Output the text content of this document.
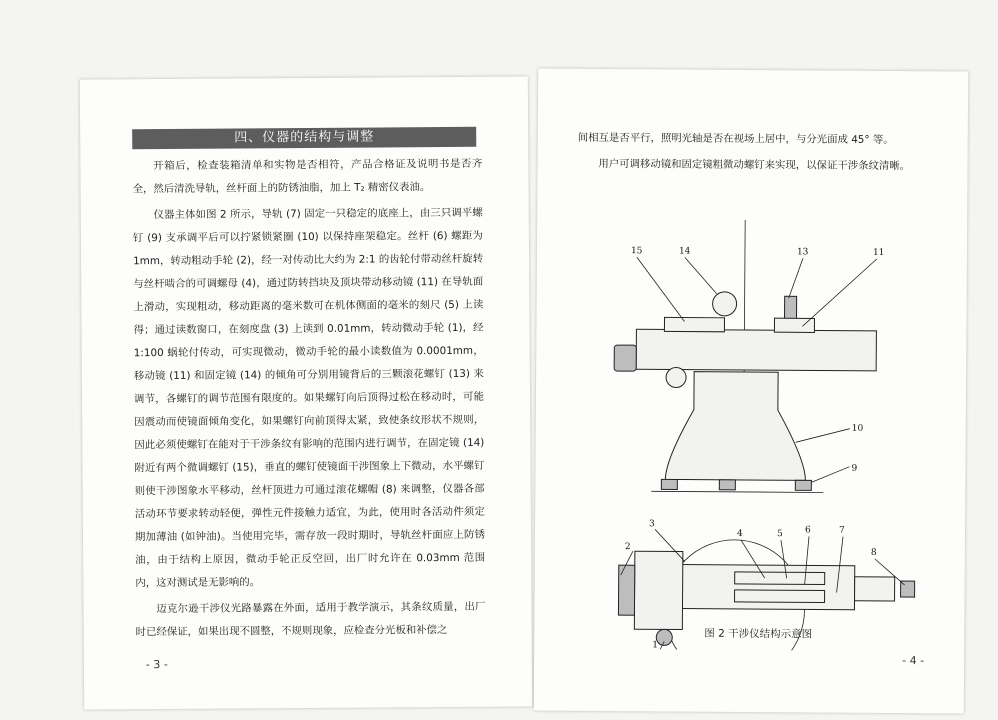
四、仪器的结构与调整

开箱后，检查装箱清单和实物是否相符，产品合格证及说明书是否齐全，然后清洗导轨，丝杆面上的防锈油脂，加上 T₂ 精密仪表油。

仪器主体如图 2 所示，导轨 (7) 固定一只稳定的底座上，由三只调平螺钉 (9) 支承调平后可以拧紧锁紧圈 (10) 以保持座架稳定。丝杆 (6) 螺距为 1mm，转动粗动手轮 (2)，经一对传动比大约为 2:1 的齿轮付带动丝杆旋转与丝杆啮合的可调螺母 (4)，通过防转挡块及顶块带动移动镜 (11) 在导轨面上滑动，实现粗动，移动距离的毫米数可在机体侧面的毫米的刻尺 (5) 上读得；通过读数窗口，在刻度盘 (3) 上读到 0.01mm，转动微动手轮 (1)，经 1:100 蜗轮付传动，可实现微动，微动手轮的最小读数值为 0.0001mm，移动镜 (11) 和固定镜 (14) 的倾角可分别用镜背后的三颗滚花螺钉 (13) 来调节，各螺钉的调节范围有限度的。如果螺钉向后顶得过松在移动时，可能因震动而使镜面倾角变化，如果螺钉向前顶得太紧，致使条纹形状不规则，因此必须使螺钉在能对于干涉条纹有影响的范围内进行调节，在固定镜 (14) 附近有两个微调螺钉 (15)，垂直的螺钉使镜面干涉图象上下微动，水平螺钉则使干涉图象水平移动，丝杆顶进力可通过滚花螺帽 (8) 来调整，仪器各部活动环节要求转动轻便，弹性元件接触力适宜，为此，使用时各活动件须定期加薄油 (如钟油)。当使用完毕，需存放一段时期时，导轨丝杆面应上防锈油，由于结构上原因，微动手轮正反空回，出厂时允许在 0.03mm 范围内，这对测试是无影响的。

迈克尔逊干涉仪光路暴露在外面，适用于教学演示，其条纹质量，出厂时已经保证，如果出现不圆整，不规则现象，应检查分光板和补偿之

- 3 -

间相互是否平行，照明光轴是否在视场上居中，与分光面成 45° 等。

用户可调移动镜和固定镜粗微动螺钉来实现，以保证干涉条纹清晰。

15	14	13	11
10
9
3
2
4	5 6	7
8
1
图 2 干涉仪结构示意图
- 4 -
